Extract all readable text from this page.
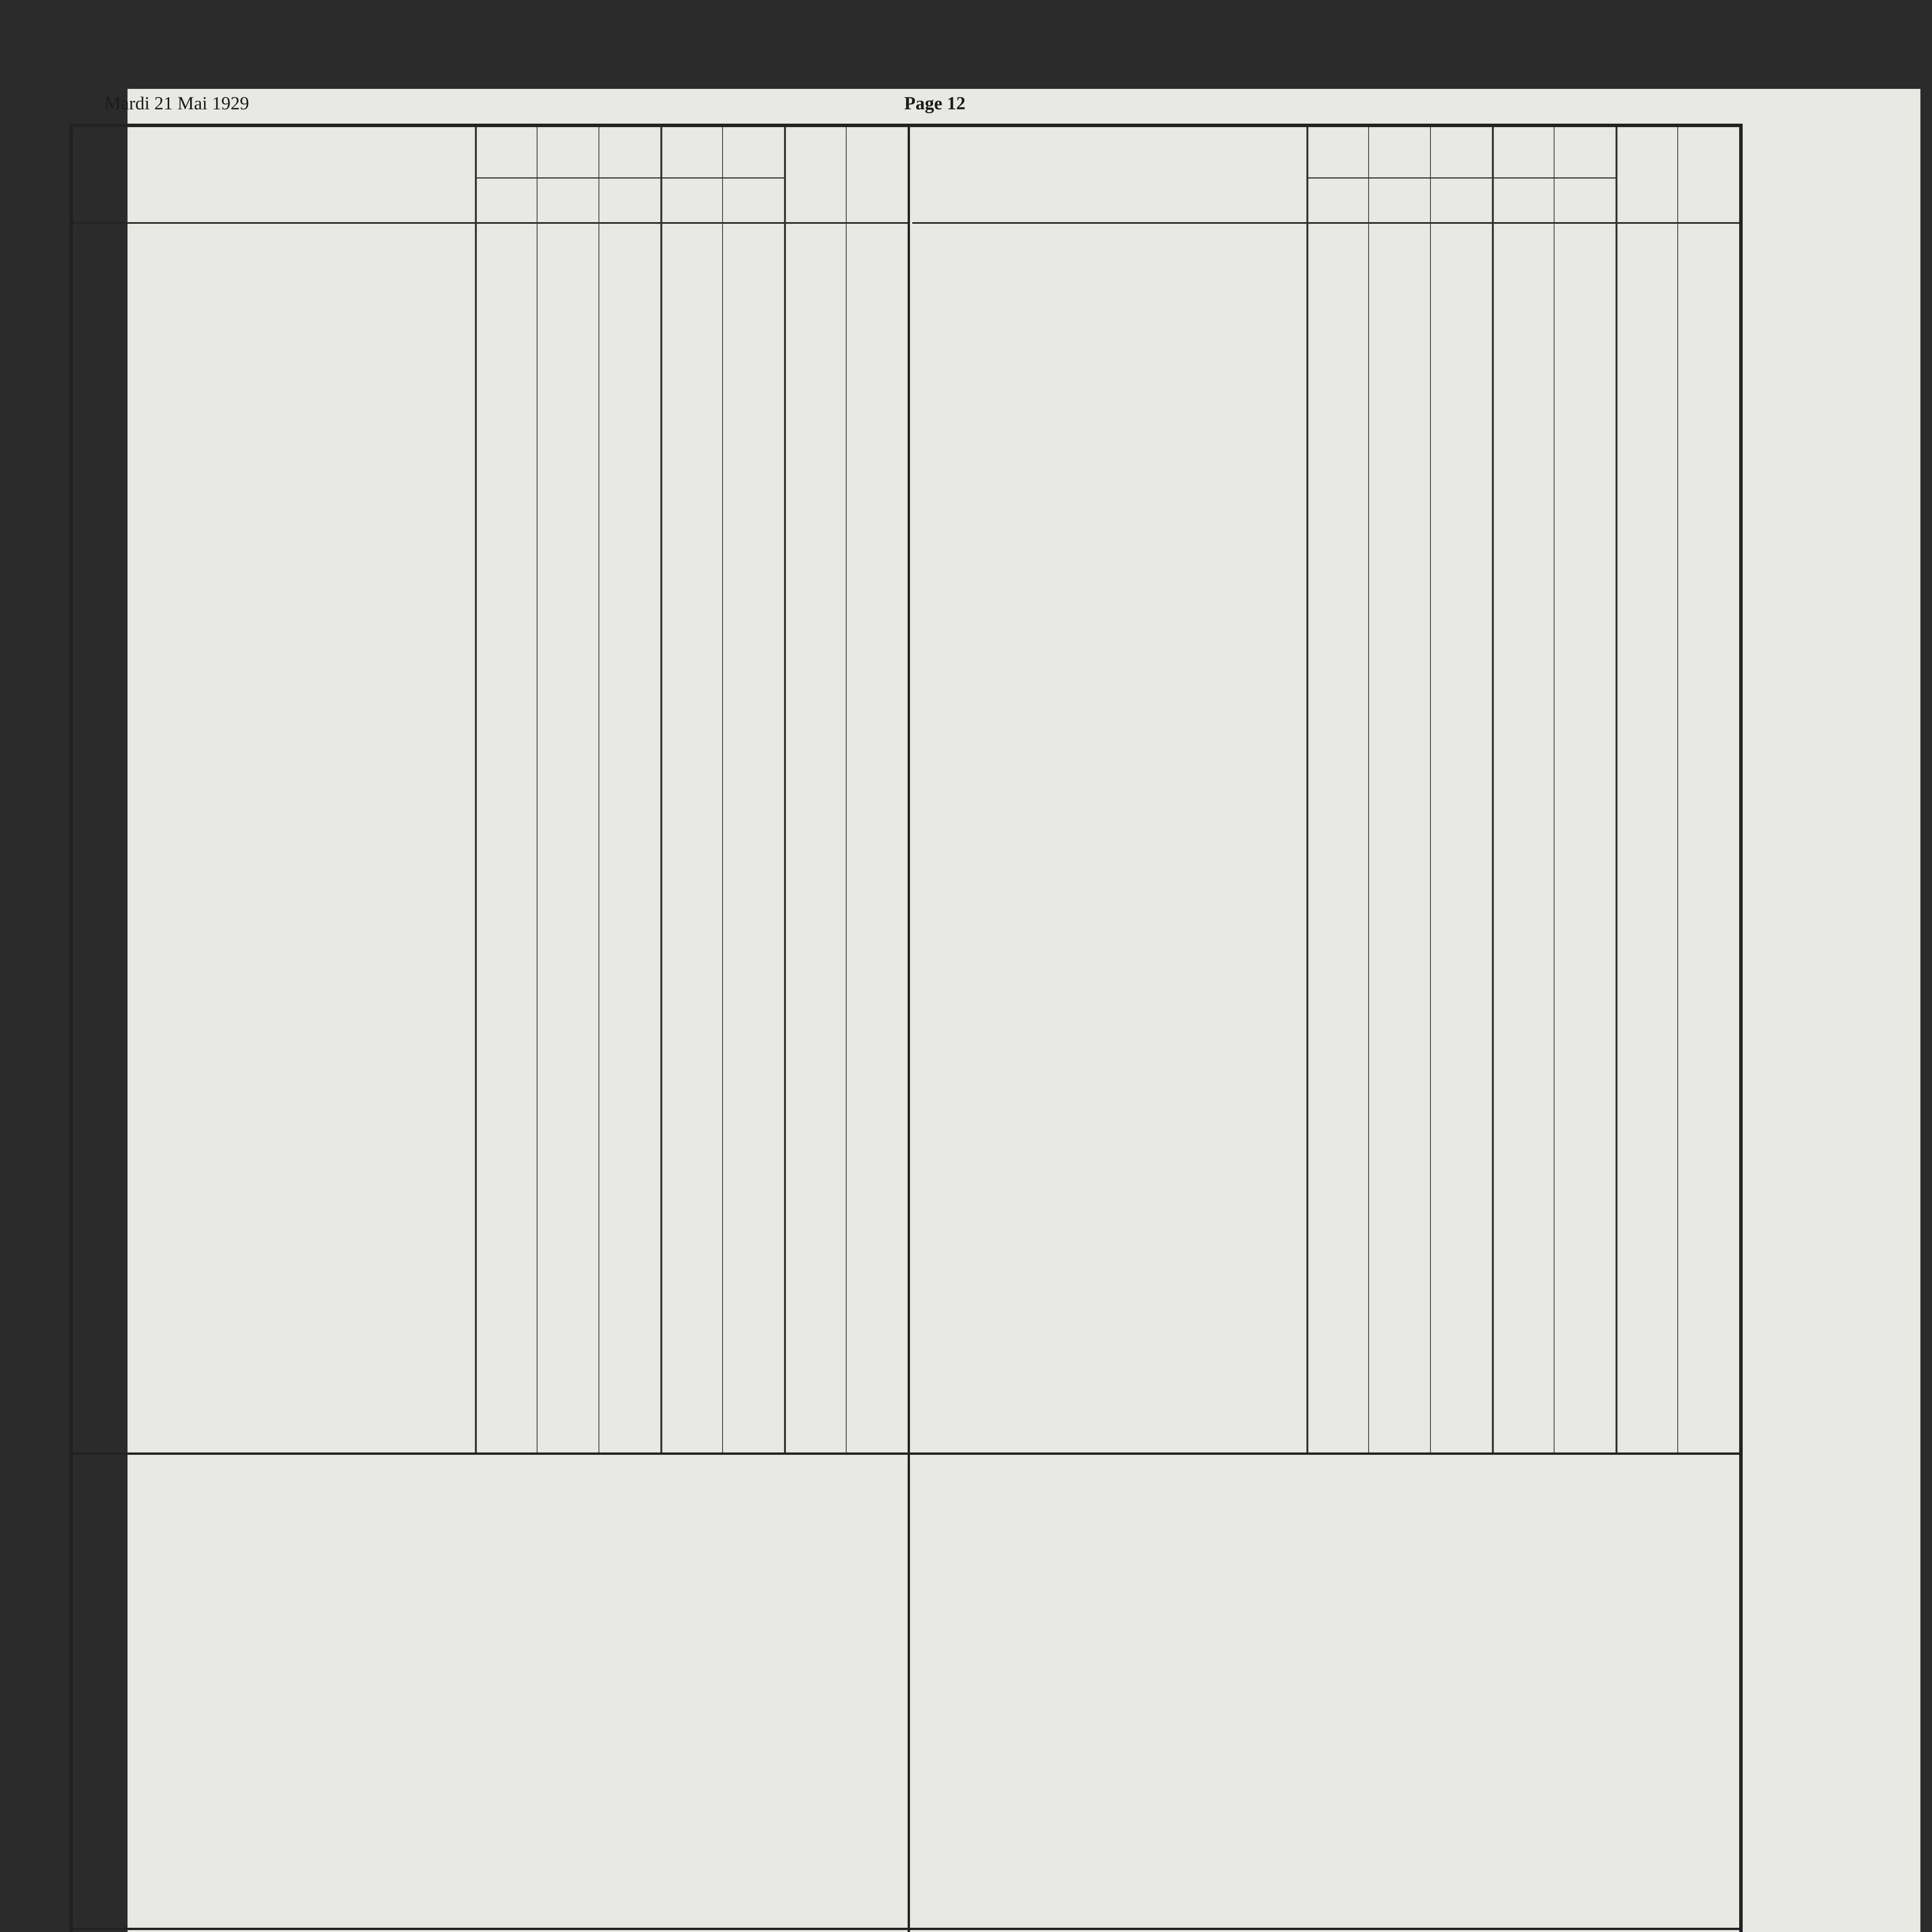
Mardi 21 Mai 1929	Page 12
